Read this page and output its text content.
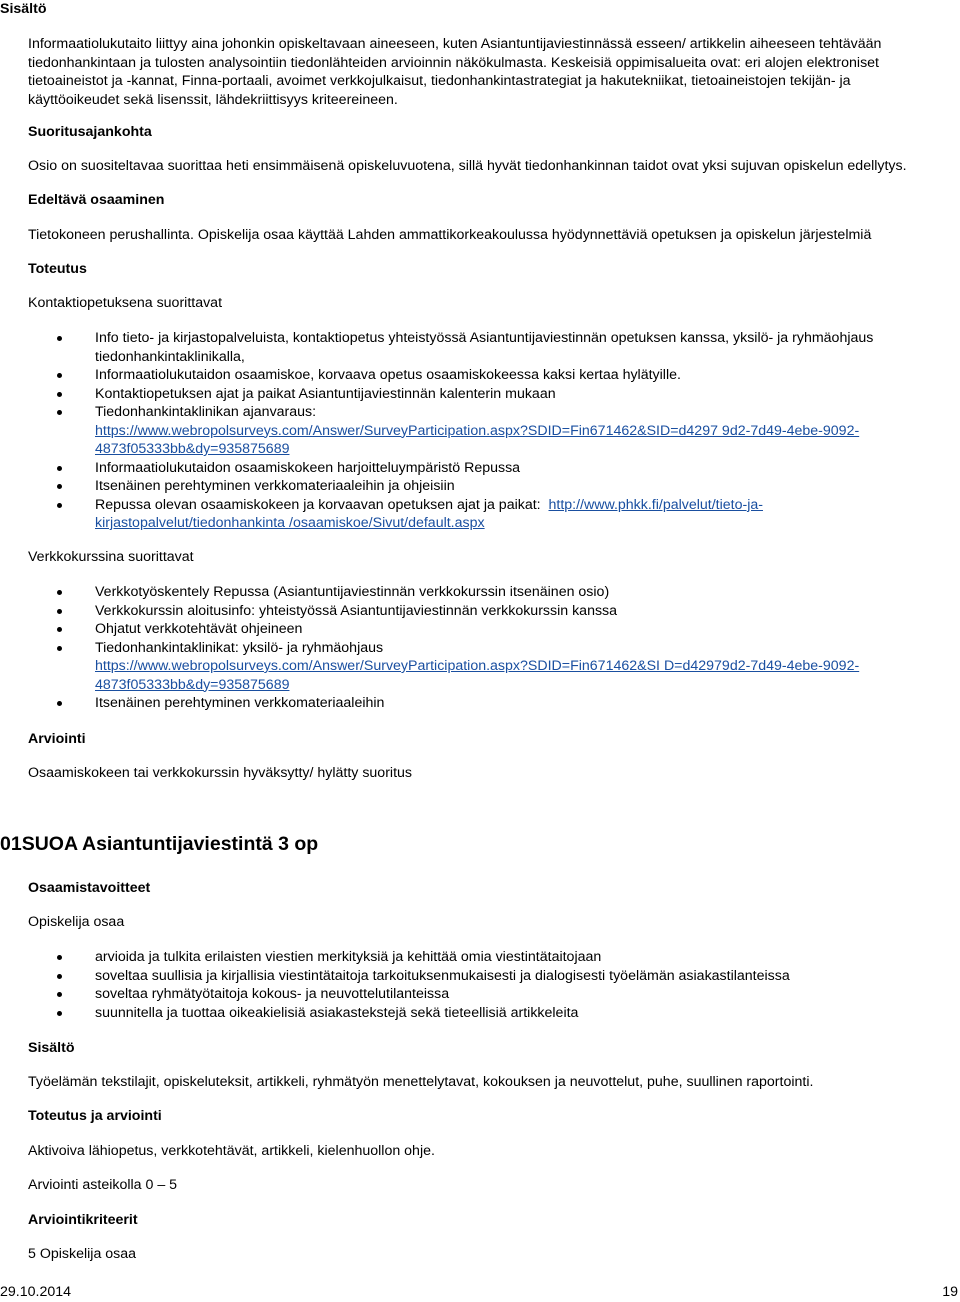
Sisältö

Informaatiolukutaito liittyy aina johonkin opiskeltavaan aineeseen, kuten Asiantuntijaviestinnässä esseen/ artikkelin aiheeseen tehtävään tiedonhankintaan ja tulosten analysointiin tiedonlähteiden arvioinnin näkökulmasta. Keskeisiä oppimisalueita ovat: eri alojen elektroniset tietoaineistot ja -kannat, Finna-portaali, avoimet verkkojulkaisut, tiedonhankintastrategiat ja hakutekniikat, tietoaineistojen tekijän- ja käyttöoikeudet sekä lisenssit, lähdekriittisyys kriteereineen.

Suoritusajankohta

Osio on suositeltavaa suorittaa heti ensimmäisenä opiskeluvuotena, sillä hyvät tiedonhankinnan taidot ovat yksi sujuvan opiskelun edellytys.

Edeltävä osaaminen

Tietokoneen perushallinta. Opiskelija osaa käyttää Lahden ammattikorkeakoulussa hyödynnettäviä opetuksen ja opiskelun järjestelmiä

Toteutus
Kontaktiopetuksena suorittavat
Info tieto- ja kirjastopalveluista, kontaktiopetus yhteistyössä Asiantuntijaviestinnän opetuksen kanssa, yksilö- ja ryhmäohjaus tiedonhankintaklinikalla,
Informaatiolukutaidon osaamiskoe, korvaava opetus osaamiskokeessa kaksi kertaa hylätyille.
Kontaktiopetuksen ajat ja paikat Asiantuntijaviestinnän kalenterin mukaan
Tiedonhankintaklinikan ajanvaraus:
https://www.webropolsurveys.com/Answer/SurveyParticipation.aspx?SDID=Fin671462&SID=d4297 9d2-7d49-4ebe-9092-4873f05333bb&dy=935875689
Informaatiolukutaidon osaamiskokeen harjoitteluympäristö Repussa
Itsenäinen perehtyminen verkkomateriaaleihin ja ohjeisiin
Repussa olevan osaamiskokeen ja korvaavan opetuksen ajat ja paikat: http://www.phkk.fi/palvelut/tieto-ja-
kirjastopalvelut/tiedonhankinta /osaamiskoe/Sivut/default.aspx
Verkkokurssina suorittavat
Verkkotyöskentely Repussa (Asiantuntijaviestinnän verkkokurssin itsenäinen osio)
Verkkokurssin aloitusinfo: yhteistyössä Asiantuntijaviestinnän verkkokurssin kanssa
Ohjatut verkkotehtävät ohjeineen
Tiedonhankintaklinikat: yksilö- ja ryhmäohjaus
https://www.webropolsurveys.com/Answer/SurveyParticipation.aspx?SDID=Fin671462&SI D=d42979d2-7d49-4ebe-9092-4873f05333bb&dy=935875689
Itsenäinen perehtyminen verkkomateriaaleihin
Arviointi

Osaamiskokeen tai verkkokurssin hyväksytty/ hylätty suoritus

01SUOA Asiantuntijaviestintä 3 op
Osaamistavoitteet
Opiskelija osaa
arvioida ja tulkita erilaisten viestien merkityksiä ja kehittää omia viestintätaitojaan
soveltaa suullisia ja kirjallisia viestintätaitoja tarkoituksenmukaisesti ja dialogisesti työelämän asiakastilanteissa
soveltaa ryhmätyötaitoja kokous- ja neuvottelutilanteissa
suunnitella ja tuottaa oikeakielisiä asiakastekstejä sekä tieteellisiä artikkeleita
Sisältö

Työelämän tekstilajit, opiskeluteksit, artikkeli, ryhmätyön menettelytavat, kokouksen ja neuvottelut, puhe, suullinen raportointi.

Toteutus ja arviointi

Aktivoiva lähiopetus, verkkotehtävät, artikkeli, kielenhuollon ohje.

Arviointi asteikolla 0 – 5

Arviointikriteerit

5 Opiskelija osaa

29.10.2014	19
